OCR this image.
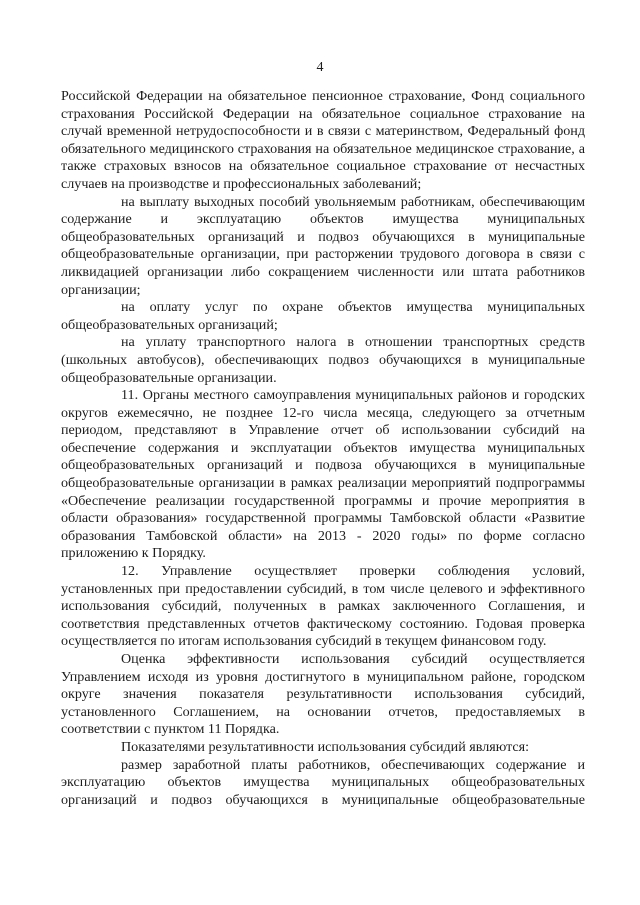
4

Российской Федерации на обязательное пенсионное страхование, Фонд социального страхования Российской Федерации на обязательное социальное страхование на случай временной нетрудоспособности и в связи с материнством, Федеральный фонд обязательного медицинского страхования на обязательное медицинское страхование, а также страховых взносов на обязательное социальное страхование от несчастных случаев на производстве и профессиональных заболеваний;

на выплату выходных пособий увольняемым работникам, обеспечивающим содержание и эксплуатацию объектов имущества муниципальных общеобразовательных организаций и подвоз обучающихся в муниципальные общеобразовательные организации, при расторжении трудового договора в связи с ликвидацией организации либо сокращением численности или штата работников организации;

на оплату услуг по охране объектов имущества муниципальных общеобразовательных организаций;

на уплату транспортного налога в отношении транспортных средств (школьных автобусов), обеспечивающих подвоз обучающихся в муниципальные общеобразовательные организации.

11. Органы местного самоуправления муниципальных районов и городских округов ежемесячно, не позднее 12-го числа месяца, следующего за отчетным периодом, представляют в Управление отчет об использовании субсидий на обеспечение содержания и эксплуатации объектов имущества муниципальных общеобразовательных организаций и подвоза обучающихся в муниципальные общеобразовательные организации в рамках реализации мероприятий подпрограммы «Обеспечение реализации государственной программы и прочие мероприятия в области образования» государственной программы Тамбовской области «Развитие образования Тамбовской области» на 2013 - 2020 годы» по форме согласно приложению к Порядку.

12. Управление осуществляет проверки соблюдения условий, установленных при предоставлении субсидий, в том числе целевого и эффективного использования субсидий, полученных в рамках заключенного Соглашения, и соответствия представленных отчетов фактическому состоянию. Годовая проверка осуществляется по итогам использования субсидий в текущем финансовом году.

Оценка эффективности использования субсидий осуществляется Управлением исходя из уровня достигнутого в муниципальном районе, городском округе значения показателя результативности использования субсидий, установленного Соглашением, на основании отчетов, предоставляемых в соответствии с пунктом 11 Порядка.

Показателями результативности использования субсидий являются:

размер заработной платы работников, обеспечивающих содержание и эксплуатацию объектов имущества муниципальных общеобразовательных организаций и подвоз обучающихся в муниципальные общеобразовательные
